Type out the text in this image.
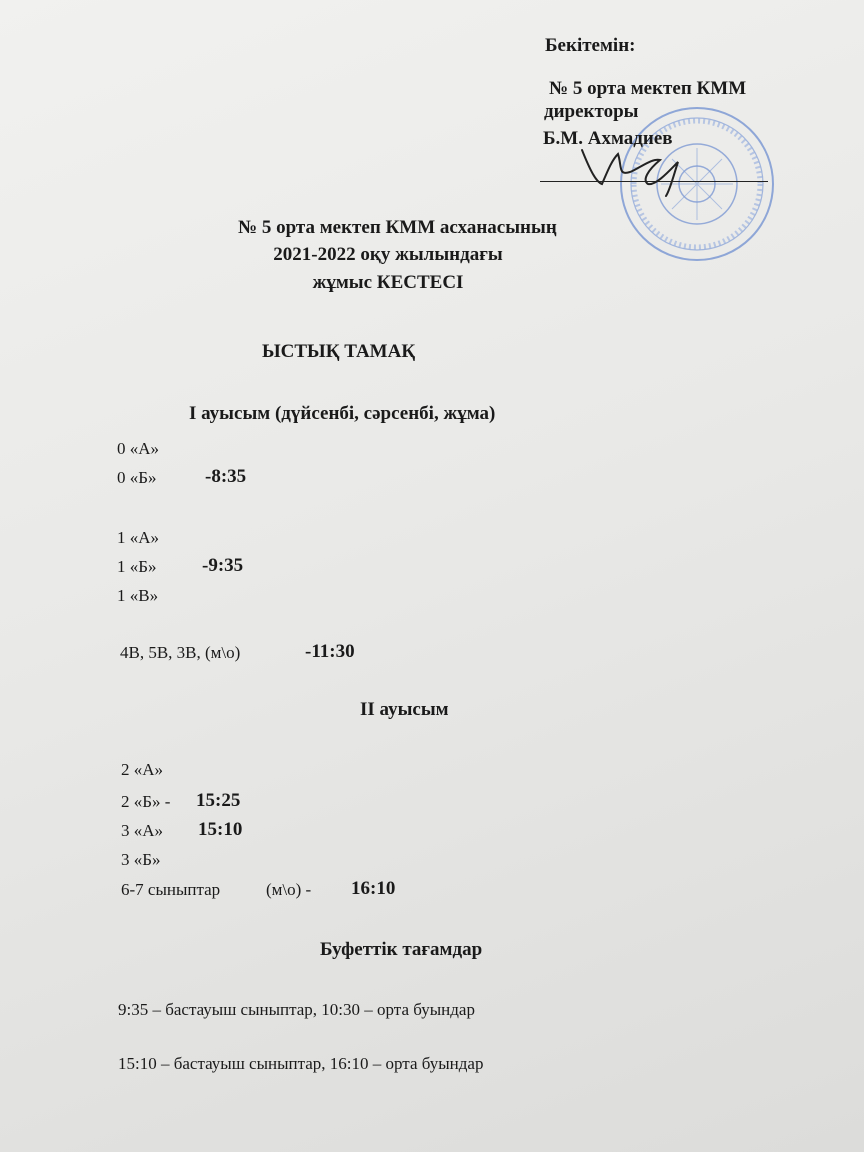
Бекітемін:
№ 5 орта мектеп КММ
директоры
Б.М. Ахмадиев
№ 5 орта мектеп КММ асханасының
2021-2022 оқу жылындағы
жұмыс КЕСТЕСІ
ЫСТЫҚ ТАМАҚ
І ауысым (дүйсенбі, сәрсенбі, жұма)
0 «А»
0 «Б»	-8:35
1 «А»
1 «Б» -9:35
1 «В»
4В, 5В, 3В, (м\о)	-11:30
ІІ ауысым
2 «А»
2 «Б» - 15:25
3 «А» 15:10
3 «Б»
6-7 сыныптар	(м\о) - 16:10
Буфеттік тағамдар
9:35 – бастауыш сыныптар, 10:30 – орта буындар
15:10 – бастауыш сыныптар, 16:10 – орта буындар
